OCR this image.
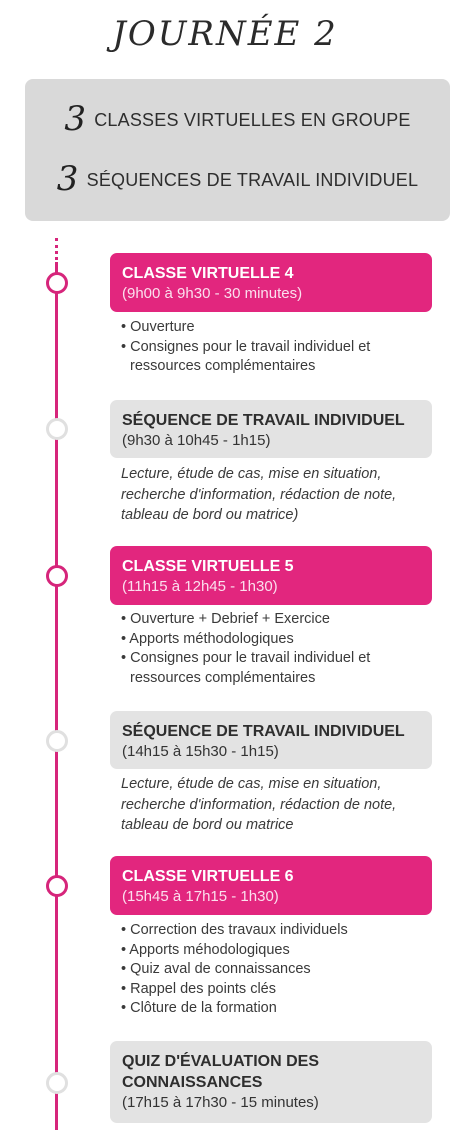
JOURNÉE 2
3 CLASSES VIRTUELLES EN GROUPE
3 SÉQUENCES DE TRAVAIL INDIVIDUEL
CLASSE VIRTUELLE 4
(9h00 à 9h30 - 30 minutes)
• Ouverture
• Consignes pour le travail individuel et ressources complémentaires
SÉQUENCE DE TRAVAIL INDIVIDUEL
(9h30 à 10h45 - 1h15)
Lecture, étude de cas, mise en situation, recherche d'information, rédaction de note, tableau de bord ou matrice)
CLASSE VIRTUELLE 5
(11h15 à 12h45 - 1h30)
• Ouverture + Debrief + Exercice
• Apports méthodologiques
• Consignes pour le travail individuel et ressources complémentaires
SÉQUENCE DE TRAVAIL INDIVIDUEL
(14h15 à 15h30 - 1h15)
Lecture, étude de cas, mise en situation, recherche d'information, rédaction de note, tableau de bord ou matrice
CLASSE VIRTUELLE 6
(15h45 à 17h15 - 1h30)
• Correction des travaux individuels
• Apports méhodologiques
• Quiz aval de connaissances
• Rappel des points clés
• Clôture de la formation
QUIZ D'ÉVALUATION DES CONNAISSANCES
(17h15 à 17h30 - 15 minutes)
